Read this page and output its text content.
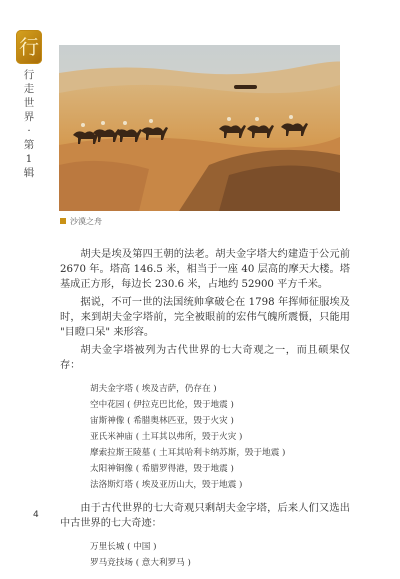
行
行
走
世
界
·
第
1
辑
沙漠之舟

胡夫是埃及第四王朝的法老。胡夫金字塔大约建造于公元前 2670 年。塔高 146.5 米，相当于一座 40 层高的摩天大楼。塔基成正方形，每边长 230.6 米，占地约 52900 平方千米。

据说，不可一世的法国统帅拿破仑在 1798 年挥师征服埃及时，来到胡夫金字塔前，完全被眼前的宏伟气魄所震慑，只能用 "目瞪口呆" 来形容。

胡夫金字塔被列为古代世界的七大奇观之一，而且硕果仅存：

胡夫金字塔 ( 埃及吉萨，仍存在 )
空中花园 ( 伊拉克巴比伦，毁于地震 )
宙斯神像 ( 希腊奥林匹亚，毁于火灾 )
亚氏米神庙 ( 土耳其以弗所，毁于火灾 )
摩索拉斯王陵墓 ( 土耳其哈利卡纳苏斯，毁于地震 )
太阳神铜像 ( 希腊罗得港，毁于地震 )
法洛斯灯塔 ( 埃及亚历山大，毁于地震 )

由于古代世界的七大奇观只剩胡夫金字塔，后来人们又选出中古世界的七大奇迹：

万里长城 ( 中国 )
罗马竞技场 ( 意大利罗马 )
4
